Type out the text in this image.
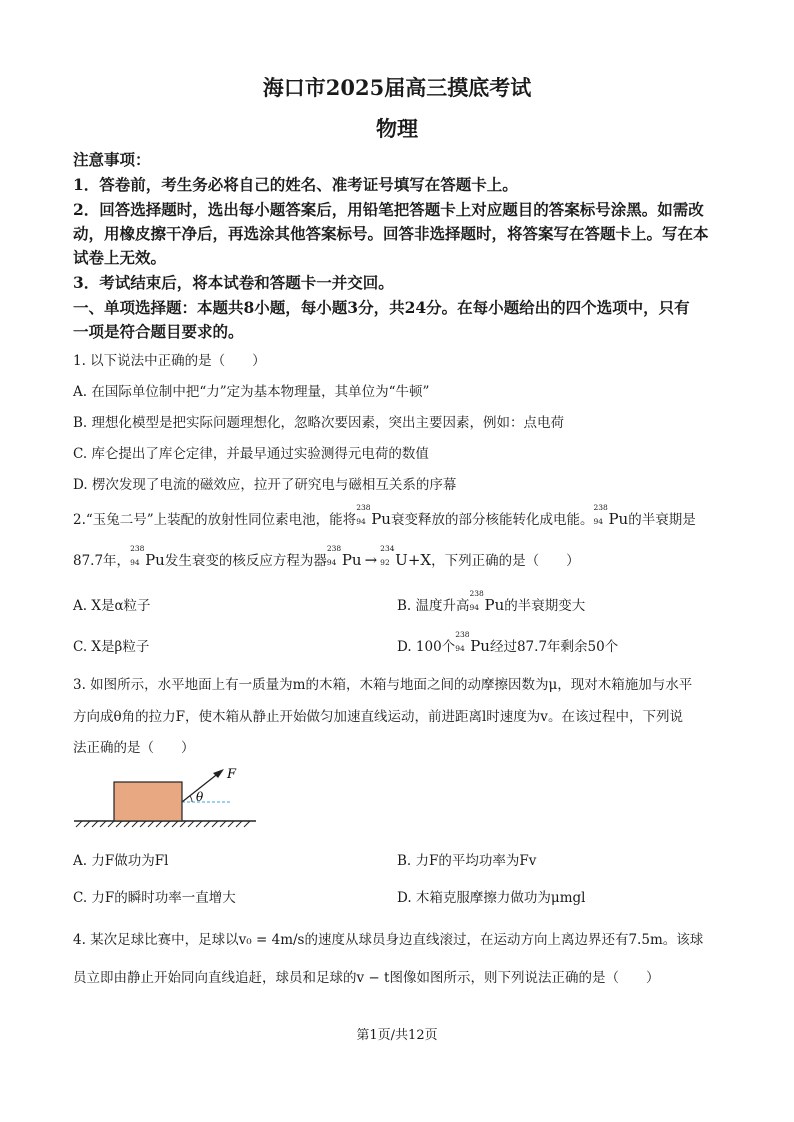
海口市2025届高三摸底考试
物理
注意事项：
1．答卷前，考生务必将自己的姓名、准考证号填写在答题卡上。
2．回答选择题时，选出每小题答案后，用铅笔把答题卡上对应题目的答案标号涂黑。如需改
动，用橡皮擦干净后，再选涂其他答案标号。回答非选择题时，将答案写在答题卡上。写在本
试卷上无效。
3．考试结束后，将本试卷和答题卡一并交回。
一、单项选择题：本题共8小题，每小题3分，共24分。在每小题给出的四个选项中，只有
一项是符合题目要求的。
1. 以下说法中正确的是（　　）
A. 在国际单位制中把“力”定为基本物理量，其单位为“牛顿”
B. 理想化模型是把实际问题理想化，忽略次要因素，突出主要因素，例如：点电荷
C. 库仑提出了库仑定律，并最早通过实验测得元电荷的数值
D. 楞次发现了电流的磁效应，拉开了研究电与磁相互关系的序幕
2.“玉兔二号”上装配的放射性同位素电池，能将
238
94 Pu衰变释放的部分核能转化成电能。
238
94 Pu的半衰期是
87.7年，
238
94 Pu发生衰变的核反应方程为器
238
94 Pu →
234
92 U+X，下列正确的是（　　）
A. X是α粒子	B. 温度升高
238
94 Pu的半衰期变大
C. X是β粒子	D. 100个
238
94 Pu经过87.7年剩余50个
3. 如图所示，水平地面上有一质量为m的木箱，木箱与地面之间的动摩擦因数为μ，现对木箱施加与水平
方向成θ角的拉力F，使木箱从静止开始做匀加速直线运动，前进距离l时速度为v。在该过程中，下列说
法正确的是（　　）
θ
F
A. 力F做功为Fl	B. 力F的平均功率为Fv
C. 力F的瞬时功率一直增大	D. 木箱克服摩擦力做功为μmgl
4. 某次足球比赛中，足球以v₀ = 4m/s的速度从球员身边直线滚过，在运动方向上离边界还有7.5m。该球
员立即由静止开始同向直线追赶，球员和足球的v − t图像如图所示，则下列说法正确的是（　　）
第1页/共12页
